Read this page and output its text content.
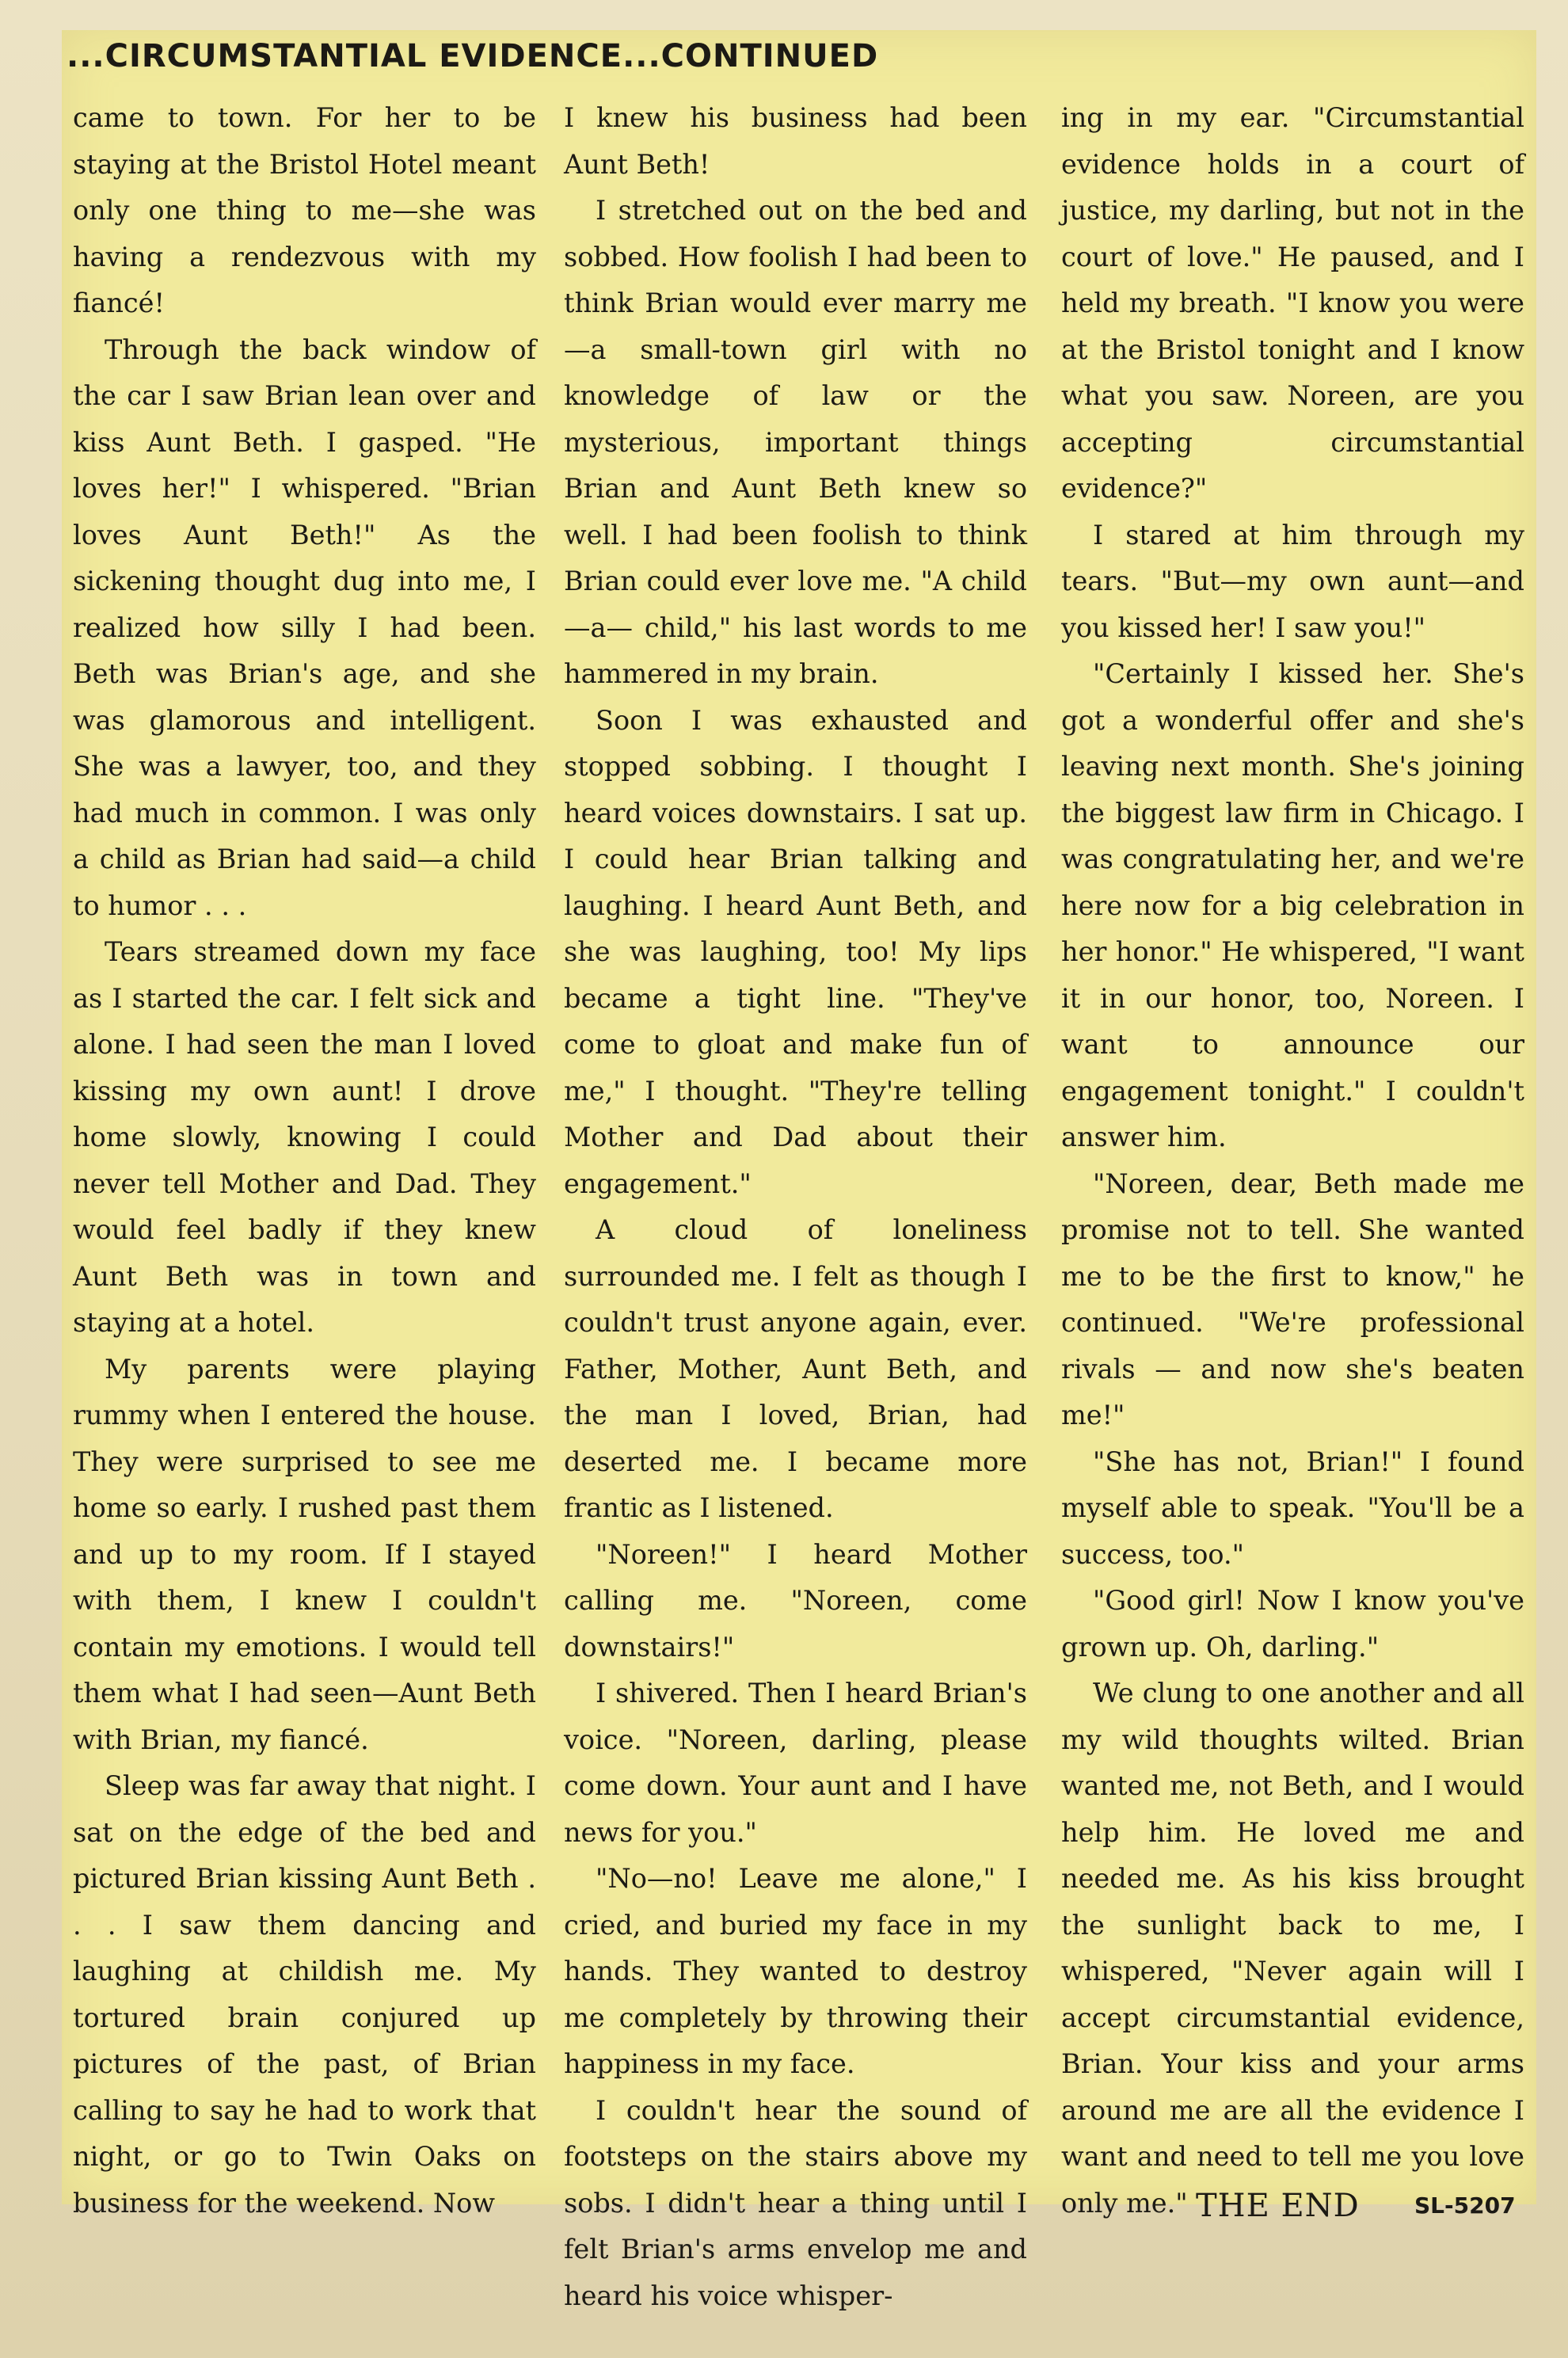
...CIRCUMSTANTIAL EVIDENCE...CONTINUED

came to town. For her to be staying at the Bristol Hotel meant only one thing to me—she was having a rendezvous with my fiancé!

Through the back window of the car I saw Brian lean over and kiss Aunt Beth. I gasped. "He loves her!" I whispered. "Brian loves Aunt Beth!" As the sickening thought dug into me, I realized how silly I had been. Beth was Brian's age, and she was glamorous and intelligent. She was a lawyer, too, and they had much in common. I was only a child as Brian had said—a child to humor . . .

Tears streamed down my face as I started the car. I felt sick and alone. I had seen the man I loved kissing my own aunt! I drove home slowly, knowing I could never tell Mother and Dad. They would feel badly if they knew Aunt Beth was in town and staying at a hotel.

My parents were playing rummy when I entered the house. They were surprised to see me home so early. I rushed past them and up to my room. If I stayed with them, I knew I couldn't contain my emotions. I would tell them what I had seen—Aunt Beth with Brian, my fiancé.

Sleep was far away that night. I sat on the edge of the bed and pictured Brian kissing Aunt Beth . . . I saw them dancing and laughing at childish me. My tortured brain conjured up pictures of the past, of Brian calling to say he had to work that night, or go to Twin Oaks on business for the weekend. Now

I knew his business had been Aunt Beth!

I stretched out on the bed and sobbed. How foolish I had been to think Brian would ever marry me—a small-town girl with no knowledge of law or the mysterious, important things Brian and Aunt Beth knew so well. I had been foolish to think Brian could ever love me. "A child—a— child," his last words to me hammered in my brain.

Soon I was exhausted and stopped sobbing. I thought I heard voices downstairs. I sat up. I could hear Brian talking and laughing. I heard Aunt Beth, and she was laughing, too! My lips became a tight line. "They've come to gloat and make fun of me," I thought. "They're telling Mother and Dad about their engagement."

A cloud of loneliness surrounded me. I felt as though I couldn't trust anyone again, ever. Father, Mother, Aunt Beth, and the man I loved, Brian, had deserted me. I became more frantic as I listened.

"Noreen!" I heard Mother calling me. "Noreen, come downstairs!"

I shivered. Then I heard Brian's voice. "Noreen, darling, please come down. Your aunt and I have news for you."

"No—no! Leave me alone," I cried, and buried my face in my hands. They wanted to destroy me completely by throwing their happiness in my face.

I couldn't hear the sound of footsteps on the stairs above my sobs. I didn't hear a thing until I felt Brian's arms envelop me and heard his voice whisper-

ing in my ear. "Circumstantial evidence holds in a court of justice, my darling, but not in the court of love." He paused, and I held my breath. "I know you were at the Bristol tonight and I know what you saw. Noreen, are you accepting circumstantial evidence?"

I stared at him through my tears. "But—my own aunt—and you kissed her! I saw you!"

"Certainly I kissed her. She's got a wonderful offer and she's leaving next month. She's joining the biggest law firm in Chicago. I was congratulating her, and we're here now for a big celebration in her honor." He whispered, "I want it in our honor, too, Noreen. I want to announce our engagement tonight." I couldn't answer him.

"Noreen, dear, Beth made me promise not to tell. She wanted me to be the first to know," he continued. "We're professional rivals — and now she's beaten me!"

"She has not, Brian!" I found myself able to speak. "You'll be a success, too."

"Good girl! Now I know you've grown up. Oh, darling."

We clung to one another and all my wild thoughts wilted. Brian wanted me, not Beth, and I would help him. He loved me and needed me. As his kiss brought the sunlight back to me, I whispered, "Never again will I accept circumstantial evidence, Brian. Your kiss and your arms around me are all the evidence I want and need to tell me you love only me." THE END SL-5207
